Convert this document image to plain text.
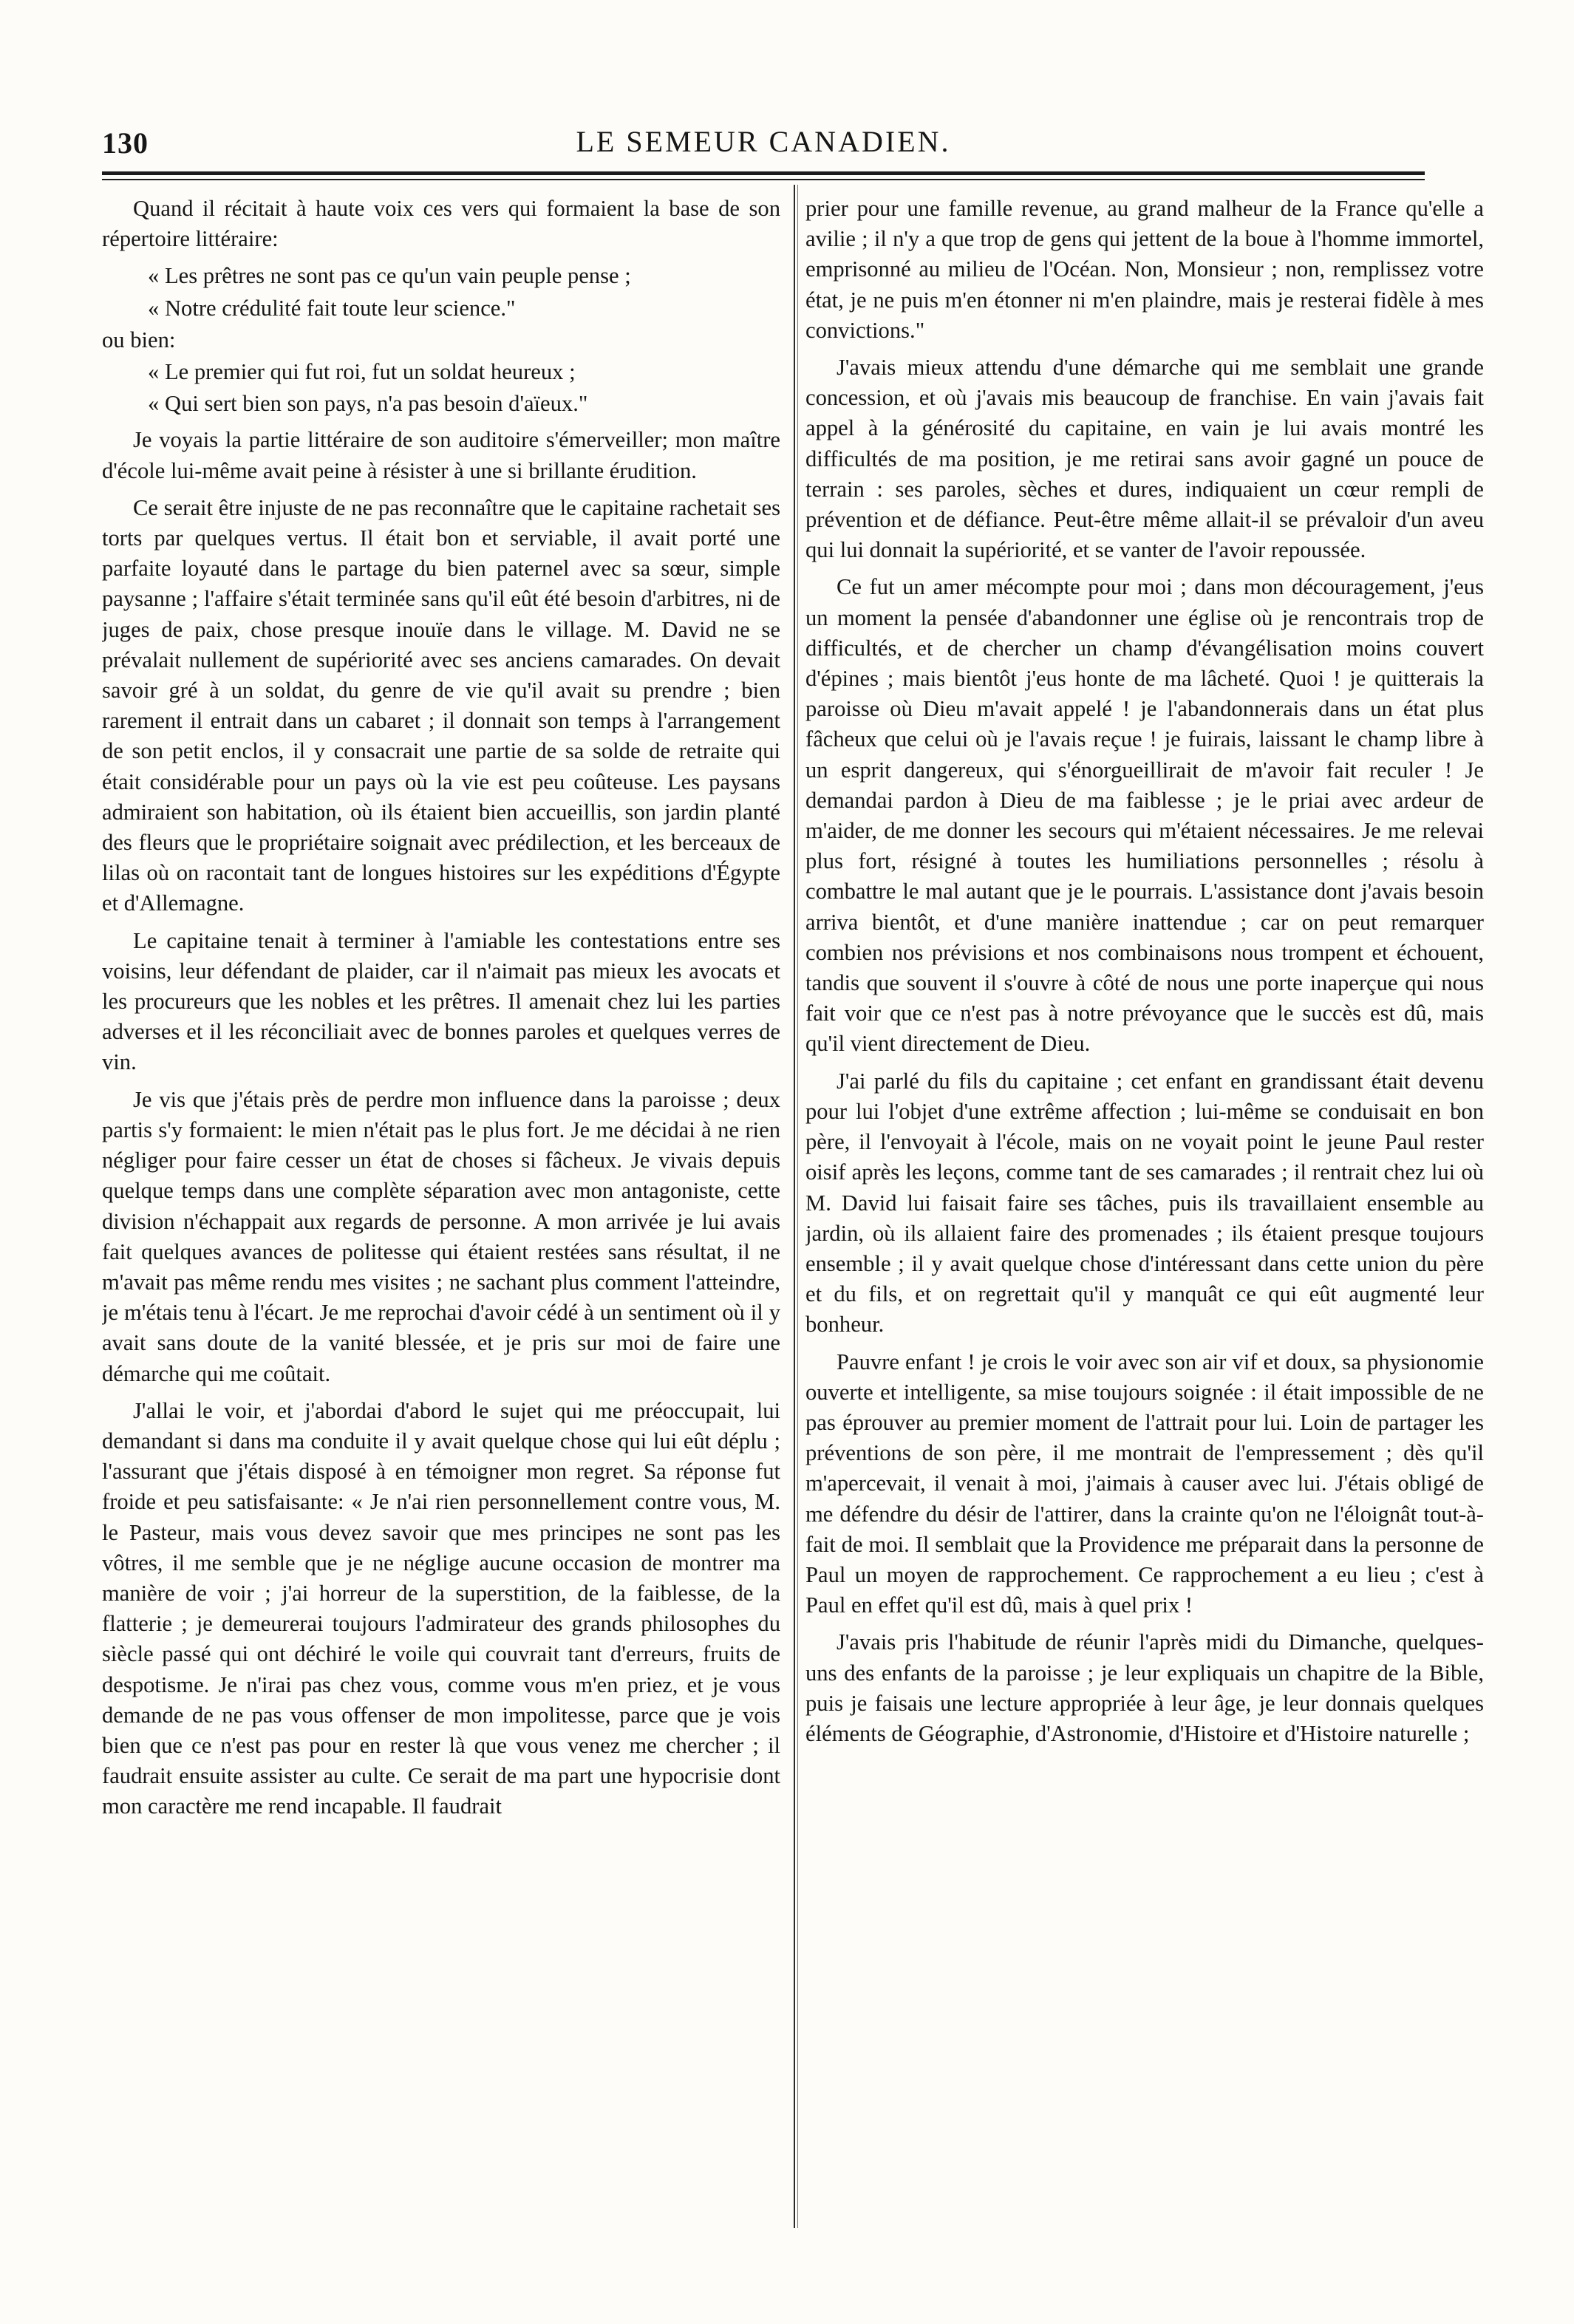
130	LE SEMEUR CANADIEN.

Quand il récitait à haute voix ces vers qui formaient la base de son répertoire littéraire:

« Les prêtres ne sont pas ce qu'un vain peuple pense ;
« Notre crédulité fait toute leur science."
ou bien:
« Le premier qui fut roi, fut un soldat heureux ;
« Qui sert bien son pays, n'a pas besoin d'aïeux."

Je voyais la partie littéraire de son auditoire s'émerveiller; mon maître d'école lui-même avait peine à résister à une si brillante érudition.

Ce serait être injuste de ne pas reconnaître que le capitaine rachetait ses torts par quelques vertus. Il était bon et serviable, il avait porté une parfaite loyauté dans le partage du bien paternel avec sa sœur, simple paysanne ; l'affaire s'était terminée sans qu'il eût été besoin d'arbitres, ni de juges de paix, chose presque inouïe dans le village. M. David ne se prévalait nullement de supériorité avec ses anciens camarades. On devait savoir gré à un soldat, du genre de vie qu'il avait su prendre ; bien rarement il entrait dans un cabaret ; il donnait son temps à l'arrangement de son petit enclos, il y consacrait une partie de sa solde de retraite qui était considérable pour un pays où la vie est peu coûteuse. Les paysans admiraient son habitation, où ils étaient bien accueillis, son jardin planté des fleurs que le propriétaire soignait avec prédilection, et les berceaux de lilas où on racontait tant de longues histoires sur les expéditions d'Égypte et d'Allemagne.

Le capitaine tenait à terminer à l'amiable les contestations entre ses voisins, leur défendant de plaider, car il n'aimait pas mieux les avocats et les procureurs que les nobles et les prêtres. Il amenait chez lui les parties adverses et il les réconciliait avec de bonnes paroles et quelques verres de vin.

Je vis que j'étais près de perdre mon influence dans la paroisse ; deux partis s'y formaient: le mien n'était pas le plus fort. Je me décidai à ne rien négliger pour faire cesser un état de choses si fâcheux. Je vivais depuis quelque temps dans une complète séparation avec mon antagoniste, cette division n'échappait aux regards de personne. A mon arrivée je lui avais fait quelques avances de politesse qui étaient restées sans résultat, il ne m'avait pas même rendu mes visites ; ne sachant plus comment l'atteindre, je m'étais tenu à l'écart. Je me reprochai d'avoir cédé à un sentiment où il y avait sans doute de la vanité blessée, et je pris sur moi de faire une démarche qui me coûtait.

J'allai le voir, et j'abordai d'abord le sujet qui me préoccupait, lui demandant si dans ma conduite il y avait quelque chose qui lui eût déplu ; l'assurant que j'étais disposé à en témoigner mon regret. Sa réponse fut froide et peu satisfaisante: « Je n'ai rien personnellement contre vous, M. le Pasteur, mais vous devez savoir que mes principes ne sont pas les vôtres, il me semble que je ne néglige aucune occasion de montrer ma manière de voir ; j'ai horreur de la superstition, de la faiblesse, de la flatterie ; je demeurerai toujours l'admirateur des grands philosophes du siècle passé qui ont déchiré le voile qui couvrait tant d'erreurs, fruits de despotisme. Je n'irai pas chez vous, comme vous m'en priez, et je vous demande de ne pas vous offenser de mon impolitesse, parce que je vois bien que ce n'est pas pour en rester là que vous venez me chercher ; il faudrait ensuite assister au culte. Ce serait de ma part une hypocrisie dont mon caractère me rend incapable. Il faudrait

prier pour une famille revenue, au grand malheur de la France qu'elle a avilie ; il n'y a que trop de gens qui jettent de la boue à l'homme immortel, emprisonné au milieu de l'Océan. Non, Monsieur ; non, remplissez votre état, je ne puis m'en étonner ni m'en plaindre, mais je resterai fidèle à mes convictions."

J'avais mieux attendu d'une démarche qui me semblait une grande concession, et où j'avais mis beaucoup de franchise. En vain j'avais fait appel à la générosité du capitaine, en vain je lui avais montré les difficultés de ma position, je me retirai sans avoir gagné un pouce de terrain : ses paroles, sèches et dures, indiquaient un cœur rempli de prévention et de défiance. Peut-être même allait-il se prévaloir d'un aveu qui lui donnait la supériorité, et se vanter de l'avoir repoussée.

Ce fut un amer mécompte pour moi ; dans mon découragement, j'eus un moment la pensée d'abandonner une église où je rencontrais trop de difficultés, et de chercher un champ d'évangélisation moins couvert d'épines ; mais bientôt j'eus honte de ma lâcheté. Quoi ! je quitterais la paroisse où Dieu m'avait appelé ! je l'abandonnerais dans un état plus fâcheux que celui où je l'avais reçue ! je fuirais, laissant le champ libre à un esprit dangereux, qui s'énorgueillirait de m'avoir fait reculer ! Je demandai pardon à Dieu de ma faiblesse ; je le priai avec ardeur de m'aider, de me donner les secours qui m'étaient nécessaires. Je me relevai plus fort, résigné à toutes les humiliations personnelles ; résolu à combattre le mal autant que je le pourrais. L'assistance dont j'avais besoin arriva bientôt, et d'une manière inattendue ; car on peut remarquer combien nos prévisions et nos combinaisons nous trompent et échouent, tandis que souvent il s'ouvre à côté de nous une porte inaperçue qui nous fait voir que ce n'est pas à notre prévoyance que le succès est dû, mais qu'il vient directement de Dieu.

J'ai parlé du fils du capitaine ; cet enfant en grandissant était devenu pour lui l'objet d'une extrême affection ; lui-même se conduisait en bon père, il l'envoyait à l'école, mais on ne voyait point le jeune Paul rester oisif après les leçons, comme tant de ses camarades ; il rentrait chez lui où M. David lui faisait faire ses tâches, puis ils travaillaient ensemble au jardin, où ils allaient faire des promenades ; ils étaient presque toujours ensemble ; il y avait quelque chose d'intéressant dans cette union du père et du fils, et on regrettait qu'il y manquât ce qui eût augmenté leur bonheur.

Pauvre enfant ! je crois le voir avec son air vif et doux, sa physionomie ouverte et intelligente, sa mise toujours soignée : il était impossible de ne pas éprouver au premier moment de l'attrait pour lui. Loin de partager les préventions de son père, il me montrait de l'empressement ; dès qu'il m'apercevait, il venait à moi, j'aimais à causer avec lui. J'étais obligé de me défendre du désir de l'attirer, dans la crainte qu'on ne l'éloignât tout-à-fait de moi. Il semblait que la Providence me préparait dans la personne de Paul un moyen de rapprochement. Ce rapprochement a eu lieu ; c'est à Paul en effet qu'il est dû, mais à quel prix !

J'avais pris l'habitude de réunir l'après midi du Dimanche, quelques-uns des enfants de la paroisse ; je leur expliquais un chapitre de la Bible, puis je faisais une lecture appropriée à leur âge, je leur donnais quelques éléments de Géographie, d'Astronomie, d'Histoire et d'Histoire naturelle ;
